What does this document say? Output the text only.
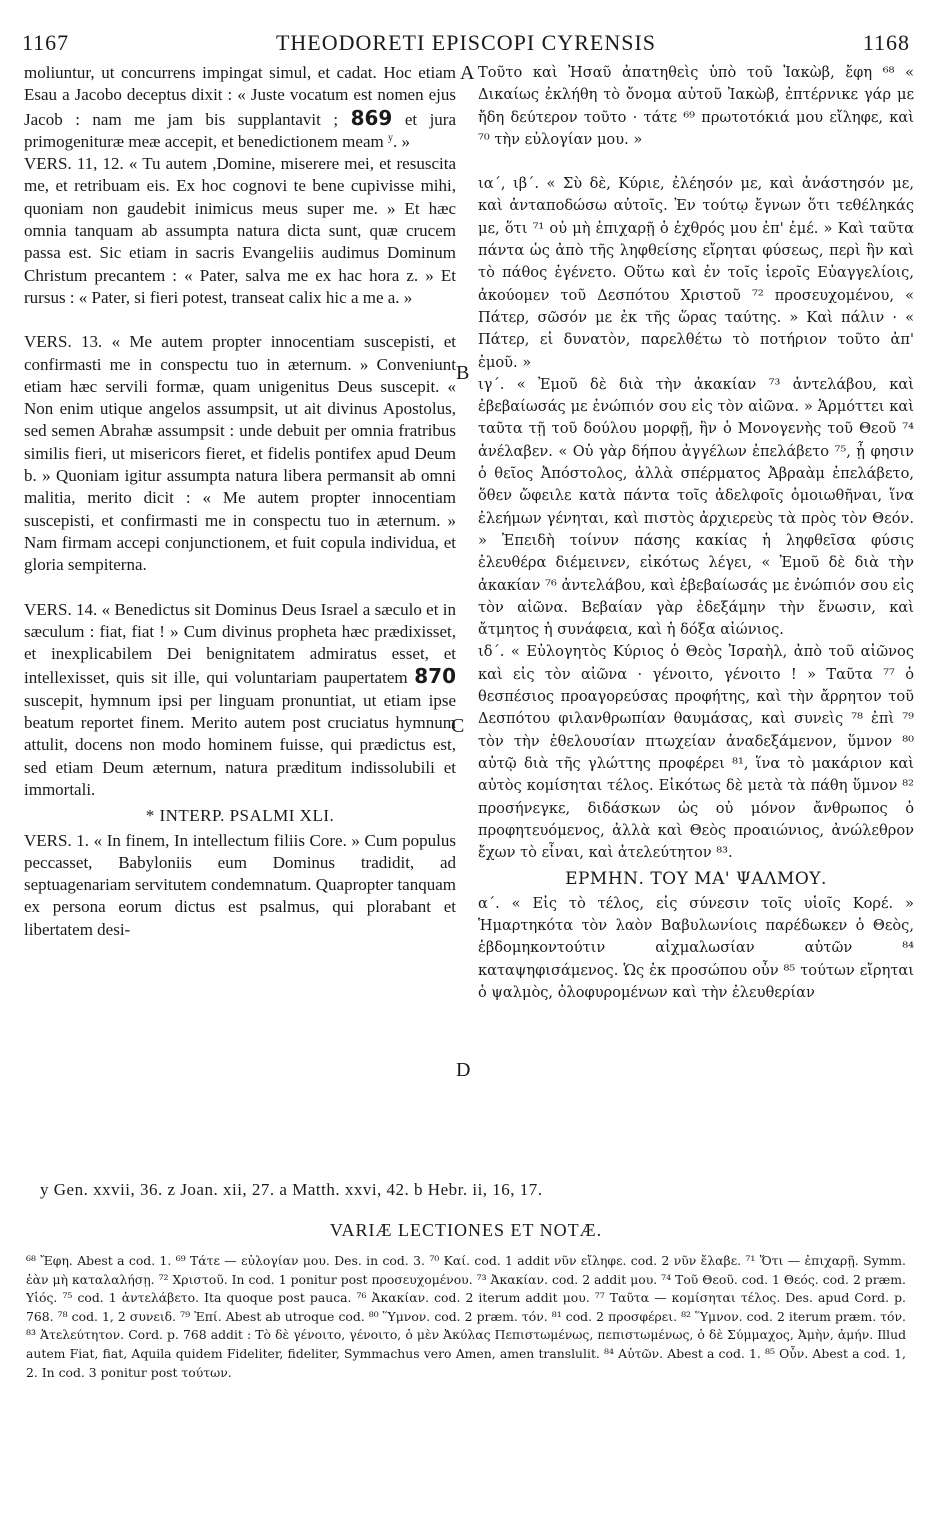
1167	THEODORETI EPISCOPI CYRENSIS	1168
A
B
C
D

moliuntur, ut concurrens impingat simul, et cadat. Hoc etiam Esau a Jacobo deceptus dixit : « Juste vocatum est nomen ejus Jacob : nam me jam bis supplantavit ; 869 et jura primogenituræ meæ accepit, et benedictionem meam $^y$. »

VERS. 11, 12. « Tu autem ,Domine, miserere mei, et resuscita me, et retribuam eis. Ex hoc cognovi te bene cupivisse mihi, quoniam non gaudebit inimicus meus super me. » Et hæc omnia tanquam ab assumpta natura dicta sunt, quæ crucem passa est. Sic etiam in sacris Evangeliis audimus Dominum Christum precantem : « Pater, salva me ex hac hora z. » Et rursus : « Pater, si fieri potest, transeat calix hic a me a. »

VERS. 13. « Me autem propter innocentiam suscepisti, et confirmasti me in conspectu tuo in æternum. » Conveniunt etiam hæc servili formæ, quam unigenitus Deus suscepit. « Non enim utique angelos assumpsit, ut ait divinus Apostolus, sed semen Abrahæ assumpsit : unde debuit per omnia fratribus similis fieri, ut misericors fieret, et fidelis pontifex apud Deum b. » Quoniam igitur assumpta natura libera permansit ab omni malitia, merito dicit : « Me autem propter innocentiam suscepisti, et confirmasti me in conspectu tuo in æternum. » Nam firmam accepi conjunctionem, et fuit copula individua, et gloria sempiterna.

VERS. 14. « Benedictus sit Dominus Deus Israel a sæculo et in sæculum : fiat, fiat ! » Cum divinus propheta hæc prædixisset, et inexplicabilem Dei benignitatem admiratus esset, et intellexisset, quis sit ille, qui voluntariam paupertatem 870 suscepit, hymnum ipsi per linguam pronuntiat, ut etiam ipse beatum reportet finem. Merito autem post cruciatus hymnum attulit, docens non modo hominem fuisse, qui prædictus est, sed etiam Deum æternum, natura præditum indissolubili et immortali.

* INTERP. PSALMI XLI.

VERS. 1. « In finem, In intellectum filiis Core. » Cum populus peccasset, Babyloniis eum Dominus tradidit, ad septuagenariam servitutem condemnatum. Quapropter tanquam ex persona eorum dictus est psalmus, qui plorabant et libertatem desi-

Τοῦτο καὶ Ἠσαῦ ἀπατηθεὶς ὑπὸ τοῦ Ἰακὼβ, ἔφη ⁶⁸ « Δικαίως ἐκλήθη τὸ ὄνομα αὐτοῦ Ἰακὼβ, ἐπτέρνικε γάρ με ἤδη δεύτερον τοῦτο · τάτε ⁶⁹ πρωτοτόκιά μου εἴληφε, καὶ ⁷⁰ τὴν εὐλογίαν μου. »

ια΄, ιβ΄. « Σὺ δὲ, Κύριε, ἐλέησόν με, καὶ ἀνάστησόν με, καὶ ἀνταποδώσω αὐτοῖς. Ἐν τούτῳ ἔγνων ὅτι τεθέληκάς με, ὅτι ⁷¹ οὐ μὴ ἐπιχαρῇ ὁ ἐχθρός μου ἐπ' ἐμέ. » Καὶ ταῦτα πάντα ὡς ἀπὸ τῆς ληφθείσης εἴρηται φύσεως, περὶ ἣν καὶ τὸ πάθος ἐγένετο. Οὕτω καὶ ἐν τοῖς ἱεροῖς Εὐαγγελίοις, ἀκούομεν τοῦ Δεσπότου Χριστοῦ ⁷² προσευχομένου, « Πάτερ, σῶσόν με ἐκ τῆς ὥρας ταύτης. » Καὶ πάλιν · « Πάτερ, εἰ δυνατὸν, παρελθέτω τὸ ποτήριον τοῦτο ἀπ' ἐμοῦ. »

ιγ΄. « Ἐμοῦ δὲ διὰ τὴν ἀκακίαν ⁷³ ἀντελάβου, καὶ ἐβεβαίωσάς με ἐνώπιόν σου εἰς τὸν αἰῶνα. » Ἁρμόττει καὶ ταῦτα τῇ τοῦ δούλου μορφῇ, ἣν ὁ Μονογενὴς τοῦ Θεοῦ ⁷⁴ ἀνέλαβεν. « Οὐ γὰρ δήπου ἀγγέλων ἐπελάβετο ⁷⁵, ᾗ φησιν ὁ θεῖος Ἀπόστολος, ἀλλὰ σπέρματος Ἀβραὰμ ἐπελάβετο, ὅθεν ὤφειλε κατὰ πάντα τοῖς ἀδελφοῖς ὁμοιωθῆναι, ἵνα ἐλεήμων γένηται, καὶ πιστὸς ἀρχιερεὺς τὰ πρὸς τὸν Θεόν. » Ἐπειδὴ τοίνυν πάσης κακίας ἡ ληφθεῖσα φύσις ἐλευθέρα διέμεινεν, εἰκότως λέγει, « Ἐμοῦ δὲ διὰ τὴν ἀκακίαν ⁷⁶ ἀντελάβου, καὶ ἐβεβαίωσάς με ἐνώπιόν σου εἰς τὸν αἰῶνα. Βεβαίαν γὰρ ἐδεξάμην τὴν ἕνωσιν, καὶ ἄτμητος ἡ συνάφεια, καὶ ἡ δόξα αἰώνιος.

ιδ΄. « Εὐλογητὸς Κύριος ὁ Θεὸς Ἰσραὴλ, ἀπὸ τοῦ αἰῶνος καὶ εἰς τὸν αἰῶνα · γένοιτο, γένοιτο ! » Ταῦτα ⁷⁷ ὁ θεσπέσιος προαγορεύσας προφήτης, καὶ τὴν ἄρρητον τοῦ Δεσπότου φιλανθρωπίαν θαυμάσας, καὶ συνεὶς ⁷⁸ ἐπὶ ⁷⁹ τὸν τὴν ἐθελουσίαν πτωχείαν ἀναδεξάμενον, ὕμνον ⁸⁰ αὐτῷ διὰ τῆς γλώττης προφέρει ⁸¹, ἵνα τὸ μακάριον καὶ αὐτὸς κομίσηται τέλος. Εἰκότως δὲ μετὰ τὰ πάθη ὕμνον ⁸² προσήνεγκε, διδάσκων ὡς οὐ μόνον ἄνθρωπος ὁ προφητευόμενος, ἀλλὰ καὶ Θεὸς προαιώνιος, ἀνώλεθρον ἔχων τὸ εἶναι, καὶ ἀτελεύτητον ⁸³.

ΕΡΜΗΝ. ΤΟΥ ΜΑ' ΨΑΛΜΟΥ.

α΄. « Εἰς τὸ τέλος, εἰς σύνεσιν τοῖς υἱοῖς Κορέ. » Ἡμαρτηκότα τὸν λαὸν Βαβυλωνίοις παρέδωκεν ὁ Θεὸς, ἑβδομηκοντούτιν αἰχμαλωσίαν αὐτῶν ⁸⁴ καταψηφισάμενος. Ὡς ἐκ προσώπου οὖν ⁸⁵ τούτων εἴρηται ὁ ψαλμὸς, ὀλοφυρομένων καὶ τὴν ἐλευθερίαν

y Gen. xxvii, 36. z Joan. xii, 27. a Matth. xxvi, 42. b Hebr. ii, 16, 17.
VARIÆ LECTIONES ET NOTÆ.
⁶⁸ Ἔφη. Abest a cod. 1. ⁶⁹ Τάτε — εὐλογίαν μου. Des. in cod. 3. ⁷⁰ Καί. cod. 1 addit νῦν εἴληφε. cod. 2 νῦν ἔλαβε. ⁷¹ Ὅτι — ἐπιχαρῇ. Symm. ἐὰν μὴ καταλαλήσῃ. ⁷² Χριστοῦ. In cod. 1 ponitur post προσευχομένου. ⁷³ Ἀκακίαν. cod. 2 addit μου. ⁷⁴ Τοῦ Θεοῦ. cod. 1 Θεός. cod. 2 præm. Υἱός. ⁷⁵ cod. 1 ἀντελάβετο. Ita quoque post pauca. ⁷⁶ Ἀκακίαν. cod. 2 iterum addit μου. ⁷⁷ Ταῦτα — κομίσηται τέλος. Des. apud Cord. p. 768. ⁷⁸ cod. 1, 2 συνειδ. ⁷⁹ Ἐπί. Abest ab utroque cod. ⁸⁰ Ὕμνον. cod. 2 præm. τόν. ⁸¹ cod. 2 προσφέρει. ⁸² Ὕμνον. cod. 2 iterum præm. τόν. ⁸³ Ἀτελεύτητον. Cord. p. 768 addit : Τὸ δὲ γένοιτο, γένοιτο, ὁ μὲν Ἀκύλας Πεπιστωμένως, πεπιστωμένως, ὁ δὲ Σύμμαχος, Ἀμὴν, ἀμήν. Illud autem Fiat, fiat, Aquila quidem Fideliter, fideliter, Symmachus vero Amen, amen translulit. ⁸⁴ Αὐτῶν. Abest a cod. 1. ⁸⁵ Οὖν. Abest a cod. 1, 2. In cod. 3 ponitur post τούτων.
